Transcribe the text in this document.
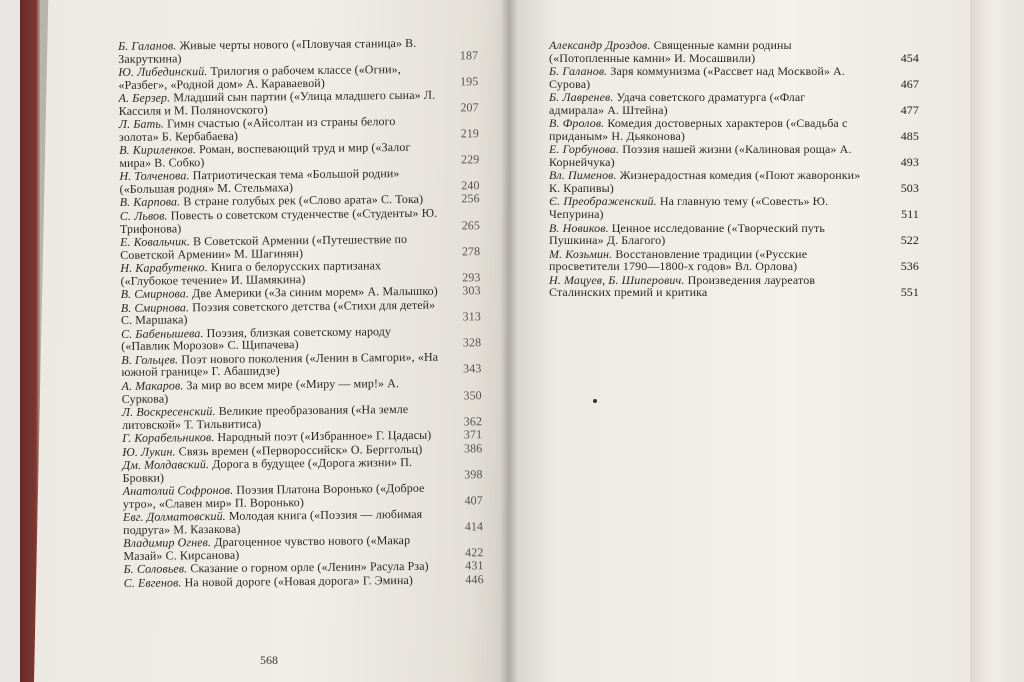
Б. Галанов. Живые черты нового («Пловучая станица» В. Закруткина)	187
Ю. Либединский. Трилогия о рабочем классе («Огни», «Разбег», «Родной дом» А. Караваевой)	195
А. Берзер. Младший сын партии («Улица младшего сына» Л. Кассиля и М. Полянovского)	207
Л. Бать. Гимн счастью («Айсолтан из страны белого золота» Б. Кербабаева)	219
В. Кириленков. Роман, воспевающий труд и мир («Залог мира» В. Собко)	229
Н. Толченова. Патриотическая тема «Большой родни» («Большая родня» М. Стельмаха)	240
В. Карпова. В стране голубых рек («Слово арата» С. Тока)	256
С. Львов. Повесть о советском студенчестве («Студенты» Ю. Трифонова)	265
Е. Ковальчик. В Советской Армении («Путешествие по Советской Армении» М. Шагинян)	278
Н. Карабутенко. Книга о белорусских партизанах («Глубокое течение» И. Шамякина)	293
В. Смирнова. Две Америки («За синим морем» А. Малышко)	303
В. Смирнова. Поэзия советского детства («Стихи для детей» С. Маршака)	313
С. Бабенышева. Поэзия, близкая советскому народу («Павлик Морозов» С. Щипачева)	328
В. Гольцев. Поэт нового поколения («Ленин в Самгори», «На южной границе» Г. Абашидзе)	343
А. Макаров. За мир во всем мире («Миру — мир!» А. Суркова)	350
Л. Воскресенский. Великие преобразования («На земле литовской» Т. Тильвитиса)	362
Г. Корабельников. Народный поэт («Избранное» Г. Цадасы)	371
Ю. Лукин. Связь времен («Первороссийск» О. Берггольц)	386
Дм. Молдавский. Дорога в будущее («Дорога жизни» П. Бровки)	398
Анатолий Софронов. Поэзия Платона Воронько («Доброе утро», «Славен мир» П. Воронько)	407
Евг. Долматовский. Молодая книга («Поэзия — любимая подруга» М. Казакова)	414
Владимир Огнев. Драгоценное чувство нового («Макар Мазай» С. Кирсанова)	422
Б. Соловьев. Сказание о горном орле («Ленин» Расула Рза)	431
С. Евгенов. На новой дороге («Новая дорога» Г. Эмина)	446
568
Александр Дроздов. Священные камни родины («Потопленные камни» И. Мосашвили)	454
Б. Галанов. Заря коммунизма («Рассвет над Москвой» А. Сурова)	467
Б. Лавренев. Удача советского драматурга («Флаг адмирала» А. Штейна)	477
В. Фролов. Комедия достоверных характеров («Свадьба с приданым» Н. Дьяконова)	485
Е. Горбунова. Поэзия нашей жизни («Калиновая роща» А. Корнейчука)	493
Вл. Пименов. Жизнерадостная комедия («Поют жаворонки» К. Крапивы)	503
Є. Преображенский. На главную тему («Совесть» Ю. Чепурина)	511
В. Новиков. Ценное исследование («Творческий путь Пушкина» Д. Благого)	522
М. Козьмин. Восстановление традиции («Русские просветители 1790—1800-х годов» Вл. Орлова)	536
Н. Мацуев, Б. Шиперович. Произведения лауреатов Сталинских премий и критика	551
